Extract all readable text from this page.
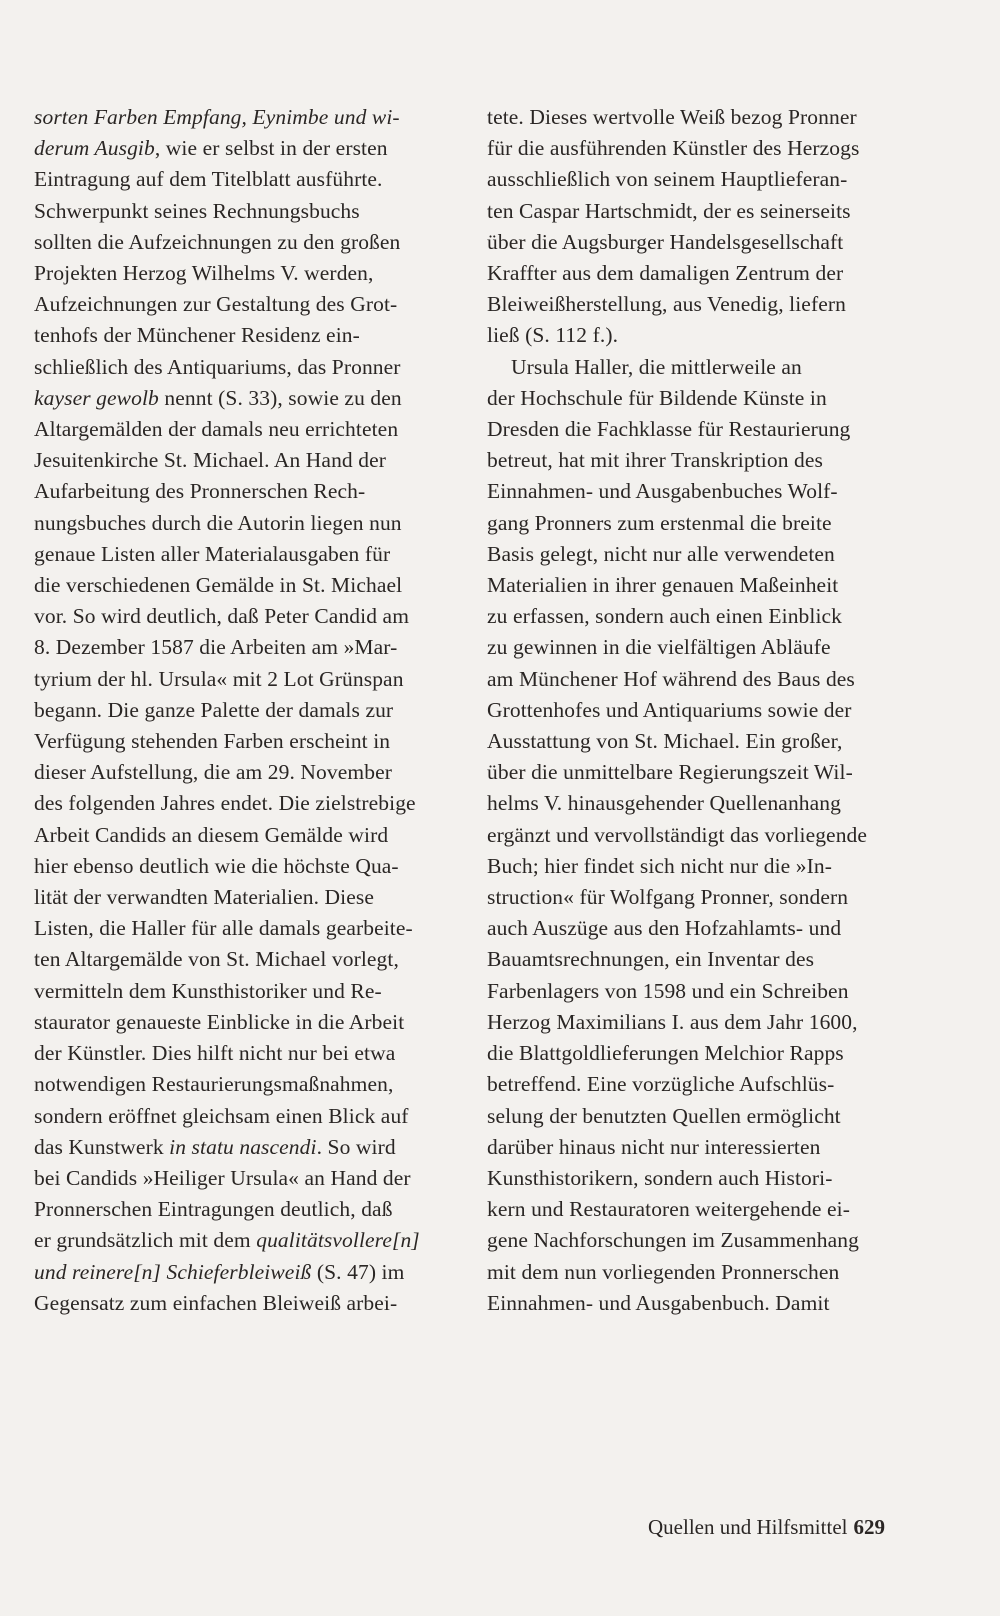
sorten Farben Empfang, Eynimbe und wi-
derum Ausgib, wie er selbst in der ersten
Eintragung auf dem Titelblatt ausführte.
Schwerpunkt seines Rechnungsbuchs
sollten die Aufzeichnungen zu den großen
Projekten Herzog Wilhelms V. werden,
Aufzeichnungen zur Gestaltung des Grot-
tenhofs der Münchener Residenz ein-
schließlich des Antiquariums, das Pronner
kayser gewolb nennt (S. 33), sowie zu den
Altargemälden der damals neu errichteten
Jesuitenkirche St. Michael. An Hand der
Aufarbeitung des Pronnerschen Rech-
nungsbuches durch die Autorin liegen nun
genaue Listen aller Materialausgaben für
die verschiedenen Gemälde in St. Michael
vor. So wird deutlich, daß Peter Candid am
8. Dezember 1587 die Arbeiten am »Mar-
tyrium der hl. Ursula« mit 2 Lot Grünspan
begann. Die ganze Palette der damals zur
Verfügung stehenden Farben erscheint in
dieser Aufstellung, die am 29. November
des folgenden Jahres endet. Die zielstrebige
Arbeit Candids an diesem Gemälde wird
hier ebenso deutlich wie die höchste Qua-
lität der verwandten Materialien. Diese
Listen, die Haller für alle damals gearbeite-
ten Altargemälde von St. Michael vorlegt,
vermitteln dem Kunsthistoriker und Re-
staurator genaueste Einblicke in die Arbeit
der Künstler. Dies hilft nicht nur bei etwa
notwendigen Restaurierungsmaßnahmen,
sondern eröffnet gleichsam einen Blick auf
das Kunstwerk in statu nascendi. So wird
bei Candids »Heiliger Ursula« an Hand der
Pronnerschen Eintragungen deutlich, daß
er grundsätzlich mit dem qualitätsvollere[n]
und reinere[n] Schieferbleiweiß (S. 47) im
Gegensatz zum einfachen Bleiweiß arbei-
tete. Dieses wertvolle Weiß bezog Pronner
für die ausführenden Künstler des Herzogs
ausschließlich von seinem Hauptlieferan-
ten Caspar Hartschmidt, der es seinerseits
über die Augsburger Handelsgesellschaft
Kraffter aus dem damaligen Zentrum der
Bleiweißherstellung, aus Venedig, liefern
ließ (S. 112 f.).
Ursula Haller, die mittlerweile an
der Hochschule für Bildende Künste in
Dresden die Fachklasse für Restaurierung
betreut, hat mit ihrer Transkription des
Einnahmen- und Ausgabenbuches Wolf-
gang Pronners zum erstenmal die breite
Basis gelegt, nicht nur alle verwendeten
Materialien in ihrer genauen Maßeinheit
zu erfassen, sondern auch einen Einblick
zu gewinnen in die vielfältigen Abläufe
am Münchener Hof während des Baus des
Grottenhofes und Antiquariums sowie der
Ausstattung von St. Michael. Ein großer,
über die unmittelbare Regierungszeit Wil-
helms V. hinausgehender Quellenanhang
ergänzt und vervollständigt das vorliegende
Buch; hier findet sich nicht nur die »In-
struction« für Wolfgang Pronner, sondern
auch Auszüge aus den Hofzahlamts- und
Bauamtsrechnungen, ein Inventar des
Farbenlagers von 1598 und ein Schreiben
Herzog Maximilians I. aus dem Jahr 1600,
die Blattgoldlieferungen Melchior Rapps
betreffend. Eine vorzügliche Aufschlüs-
selung der benutzten Quellen ermöglicht
darüber hinaus nicht nur interessierten
Kunsthistorikern, sondern auch Histori-
kern und Restauratoren weitergehende ei-
gene Nachforschungen im Zusammenhang
mit dem nun vorliegenden Pronnerschen
Einnahmen- und Ausgabenbuch. Damit
Quellen und Hilfsmittel 629
